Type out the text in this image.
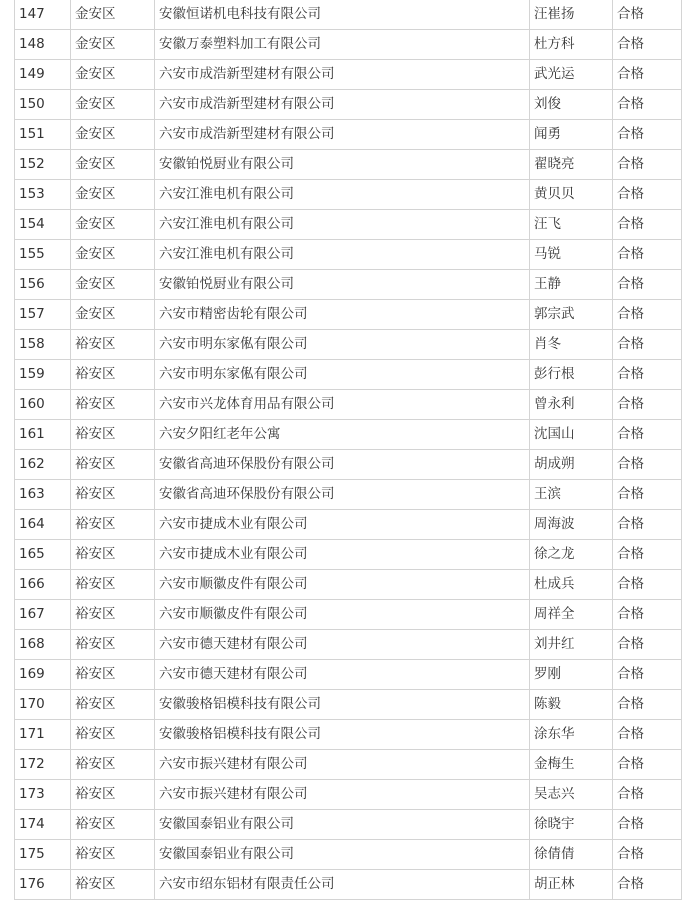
147	金安区	安徽恒诺机电科技有限公司	汪崔扬	合格
148	金安区	安徽万泰塑料加工有限公司	杜方科	合格
149	金安区	六安市成浩新型建材有限公司	武光运	合格
150	金安区	六安市成浩新型建材有限公司	刘俊	合格
151	金安区	六安市成浩新型建材有限公司	闻勇	合格
152	金安区	安徽铂悦厨业有限公司	翟晓亮	合格
153	金安区	六安江淮电机有限公司	黄贝贝	合格
154	金安区	六安江淮电机有限公司	汪飞	合格
155	金安区	六安江淮电机有限公司	马锐	合格
156	金安区	安徽铂悦厨业有限公司	王静	合格
157	金安区	六安市精密齿轮有限公司	郭宗武	合格
158	裕安区	六安市明东家俬有限公司	肖冬	合格
159	裕安区	六安市明东家俬有限公司	彭行根	合格
160	裕安区	六安市兴龙体育用品有限公司	曾永利	合格
161	裕安区	六安夕阳红老年公寓	沈国山	合格
162	裕安区	安徽省高迪环保股份有限公司	胡成朔	合格
163	裕安区	安徽省高迪环保股份有限公司	王滨	合格
164	裕安区	六安市捷成木业有限公司	周海波	合格
165	裕安区	六安市捷成木业有限公司	徐之龙	合格
166	裕安区	六安市顺徽皮件有限公司	杜成兵	合格
167	裕安区	六安市顺徽皮件有限公司	周祥全	合格
168	裕安区	六安市德天建材有限公司	刘井红	合格
169	裕安区	六安市德天建材有限公司	罗刚	合格
170	裕安区	安徽骏格铝模科技有限公司	陈毅	合格
171	裕安区	安徽骏格铝模科技有限公司	涂东华	合格
172	裕安区	六安市振兴建材有限公司	金梅生	合格
173	裕安区	六安市振兴建材有限公司	吴志兴	合格
174	裕安区	安徽国泰铝业有限公司	徐晓宇	合格
175	裕安区	安徽国泰铝业有限公司	徐倩倩	合格
176	裕安区	六安市绍东铝材有限责任公司	胡正林	合格
